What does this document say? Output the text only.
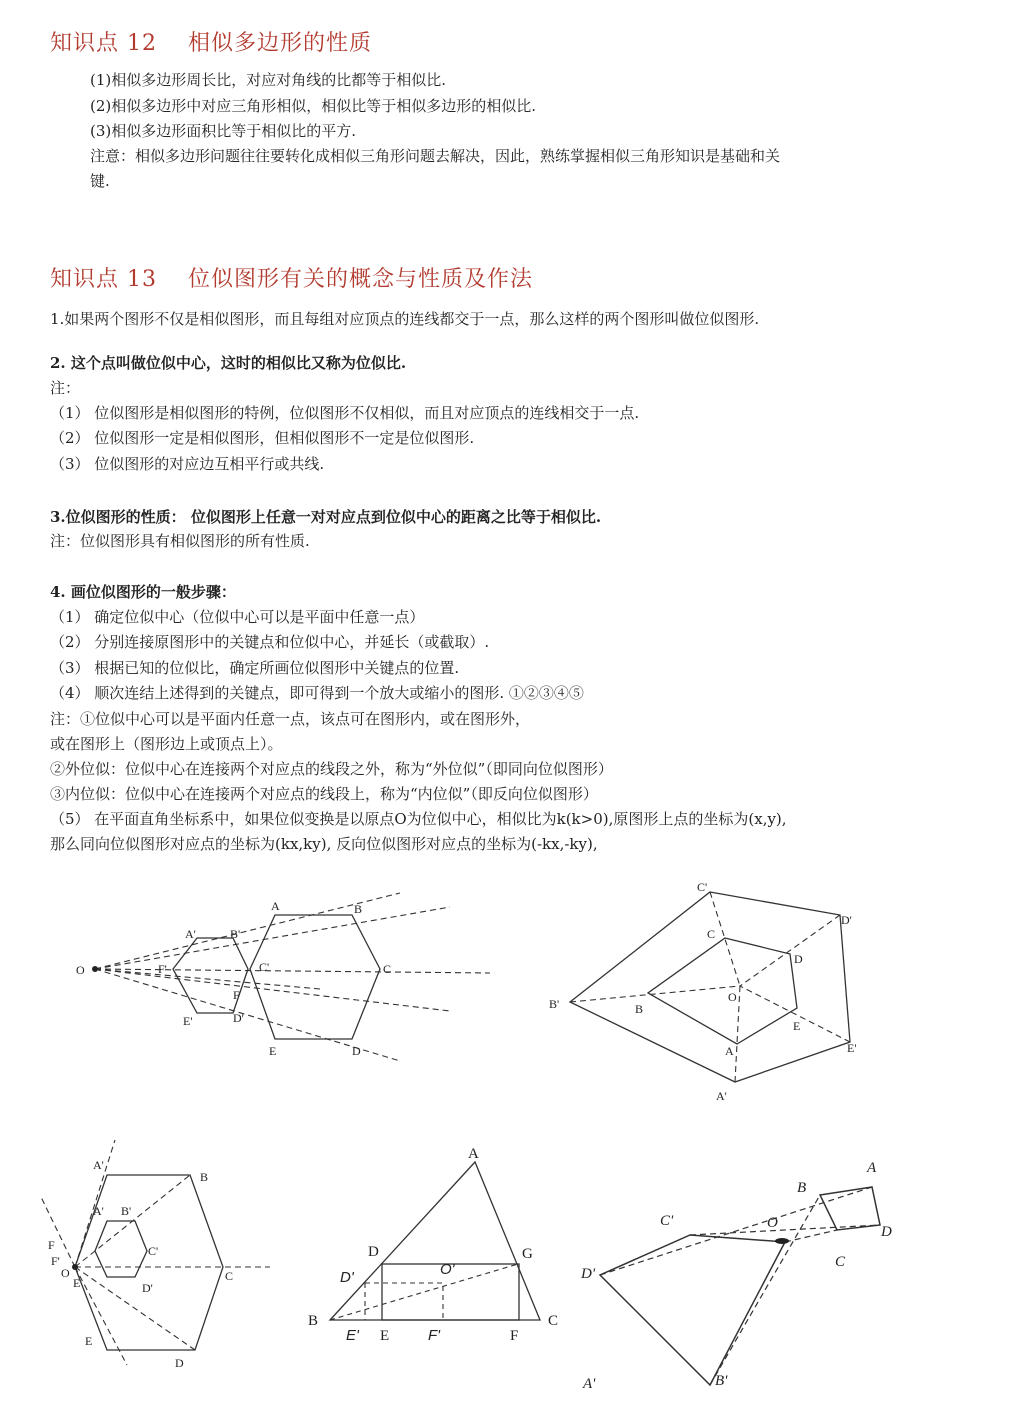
知识点 12　 相似多边形的性质
(1)相似多边形周长比，对应对角线的比都等于相似比.
(2)相似多边形中对应三角形相似，相似比等于相似多边形的相似比.
(3)相似多边形面积比等于相似比的平方.
注意：相似多边形问题往往要转化成相似三角形问题去解决，因此，熟练掌握相似三角形知识是基础和关
键.
知识点 13　 位似图形有关的概念与性质及作法
1.如果两个图形不仅是相似图形，而且每组对应顶点的连线都交于一点，那么这样的两个图形叫做位似图形.
2. 这个点叫做位似中心，这时的相似比又称为位似比.
注：
（1） 位似图形是相似图形的特例，位似图形不仅相似，而且对应顶点的连线相交于一点.
（2） 位似图形一定是相似图形，但相似图形不一定是位似图形.
（3） 位似图形的对应边互相平行或共线.
3.位似图形的性质： 位似图形上任意一对对应点到位似中心的距离之比等于相似比.
注：位似图形具有相似图形的所有性质.
4. 画位似图形的一般步骤：
（1） 确定位似中心（位似中心可以是平面中任意一点）
（2） 分别连接原图形中的关键点和位似中心，并延长（或截取）.
（3） 根据已知的位似比，确定所画位似图形中关键点的位置.
（4） 顺次连结上述得到的关键点，即可得到一个放大或缩小的图形. ①②③④⑤
注：①位似中心可以是平面内任意一点，该点可在图形内，或在图形外，
或在图形上（图形边上或顶点上）。
②外位似：位似中心在连接两个对应点的线段之外，称为“外位似”（即同向位似图形）
③内位似：位似中心在连接两个对应点的线段上，称为“内位似”（即反向位似图形）
（5） 在平面直角坐标系中，如果位似变换是以原点O为位似中心，相似比为k(k>0),原图形上点的坐标为(x,y),
那么同向位似图形对应点的坐标为(kx,ky), 反向位似图形对应点的坐标为(-kx,-ky),
A	B
C
D
E
F
A'	B'
C'
D'
E'
F'
O
C'
D'
C
D
B'	B
O
E
A	E'
A'
A'
B
A' B'
C'
C
D'
D
E
E
F
F'
O
A
D	G
D'	O'
B
E' E	F'	F
C
A
B
O
D
C
C'
D'
B'
A'
